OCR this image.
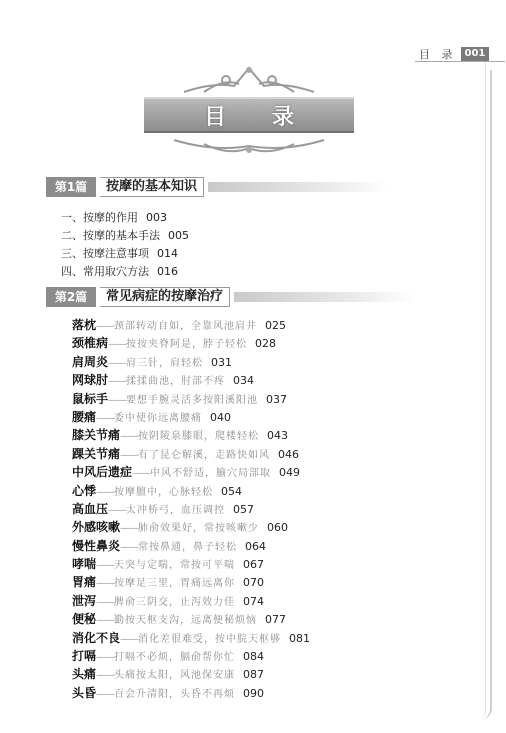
目 录 001
目录
第1篇	按摩的基本知识
一、按摩的作用 003
二、按摩的基本手法 005
三、按摩注意事项 014
四、常用取穴方法 016
第2篇	常见病症的按摩治疗
落枕——颈部转动自如，全靠风池肩井 025
颈椎病——按按夹脊阿是，脖子轻松 028
肩周炎——肩三针，肩轻松 031
网球肘——揉揉曲池，肘部不疼 034
鼠标手——要想手腕灵活多按阳溪阳池 037
腰痛——委中使你远离腰痛 040
膝关节痛——按阴陵泉膝眼，爬楼轻松 043
踝关节痛——有了昆仑解溪，走路快如风 046
中风后遗症——中风不舒适，腧穴局部取 049
心悸——按摩膻中，心脉轻松 054
高血压——太冲桥弓，血压调控 057
外感咳嗽——肺俞效果好，常按咳嗽少 060
慢性鼻炎——常按鼻通，鼻子轻松 064
哮喘——天突与定喘，常按可平喘 067
胃痛——按摩足三里，胃痛远离你 070
泄泻——脾俞三阴交，止泻效力佳 074
便秘——勤按天枢支沟，远离便秘烦恼 077
消化不良——消化差很难受，按中脘天枢够 081
打嗝——打嗝不必烦，膈俞帮你忙 084
头痛——头痛按太阳，风池保安康 087
头昏——百会升清阳，头昏不再烦 090
